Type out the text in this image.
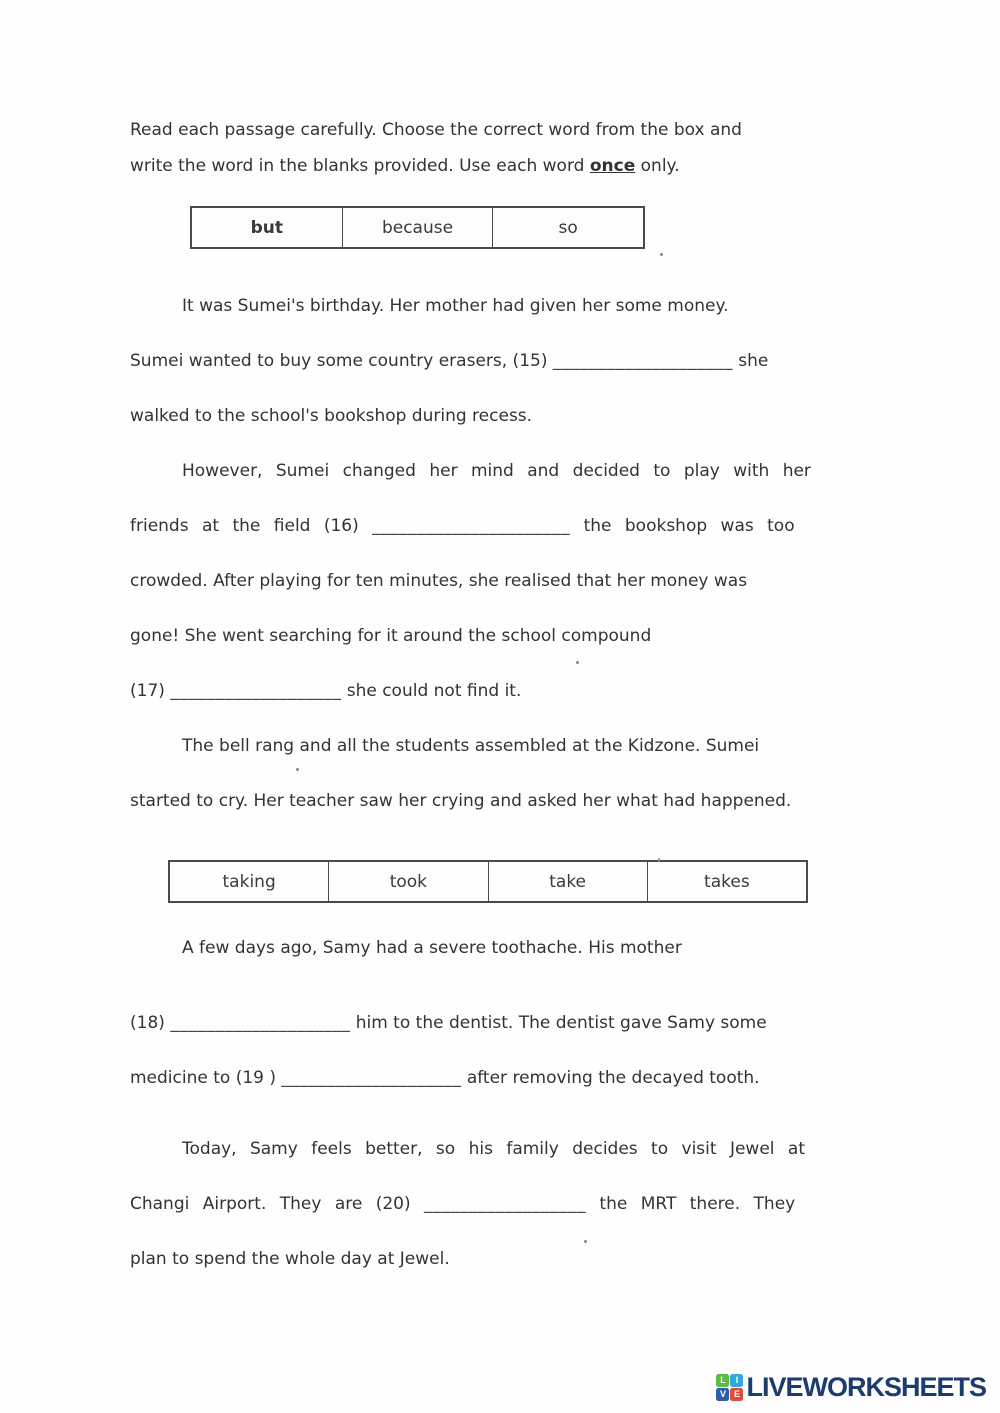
Read each passage carefully. Choose the correct word from the box and
write the word in the blanks provided. Use each word once only.
but	because	so
It was Sumei's birthday. Her mother had given her some money.
Sumei wanted to buy some country erasers, (15) ____________________ she
walked to the school's bookshop during recess.
However, Sumei changed her mind and decided to play with her
friends at the field (16) ______________________ the bookshop was too
crowded. After playing for ten minutes, she realised that her money was
gone! She went searching for it around the school compound
(17) ___________________ she could not find it.
The bell rang and all the students assembled at the Kidzone. Sumei
started to cry. Her teacher saw her crying and asked her what had happened.
taking	took	take	takes
A few days ago, Samy had a severe toothache. His mother
(18) ____________________ him to the dentist. The dentist gave Samy some
medicine to (19 ) ____________________ after removing the decayed tooth.
Today, Samy feels better, so his family decides to visit Jewel at
Changi Airport. They are (20) __________________ the MRT there. They
plan to spend the whole day at Jewel.
L	I
V E LIVEWORKSHEETS
